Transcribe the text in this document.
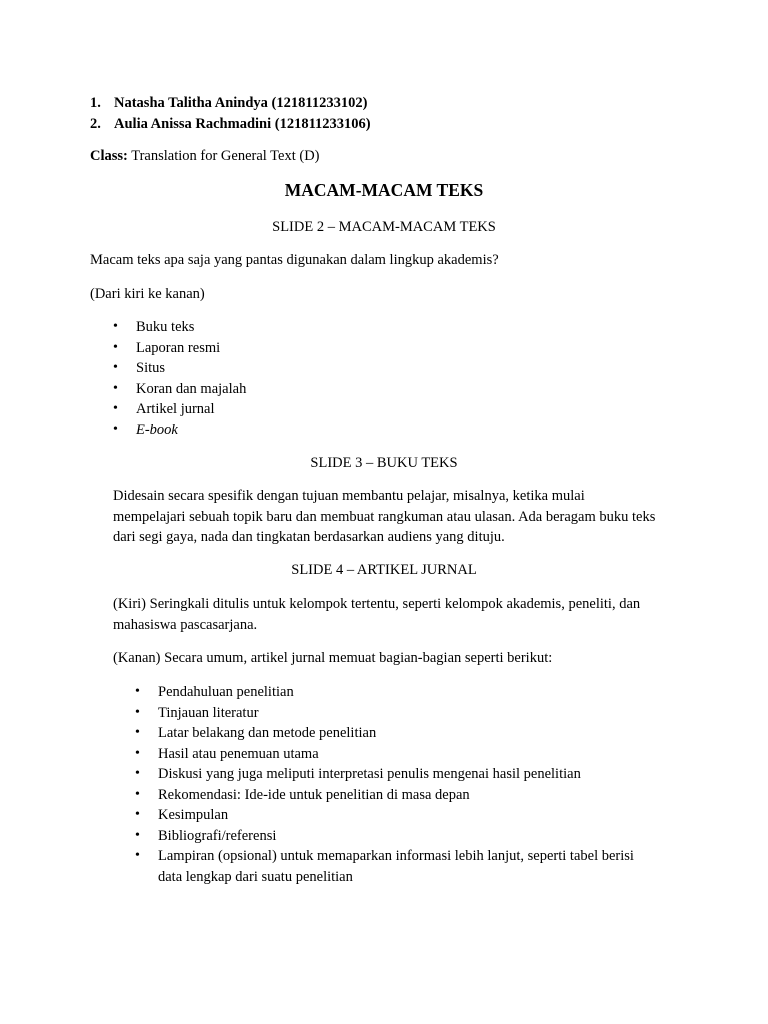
1. Natasha Talitha Anindya (121811233102)
2. Aulia Anissa Rachmadini (121811233106)
Class: Translation for General Text (D)
MACAM-MACAM TEKS

SLIDE 2 – MACAM-MACAM TEKS

Macam teks apa saja yang pantas digunakan dalam lingkup akademis?

(Dari kiri ke kanan)

• Buku teks
• Laporan resmi
• Situs
• Koran dan majalah
• Artikel jurnal
• E-book

SLIDE 3 – BUKU TEKS

Didesain secara spesifik dengan tujuan membantu pelajar, misalnya, ketika mulai
mempelajari sebuah topik baru dan membuat rangkuman atau ulasan. Ada beragam buku teks
dari segi gaya, nada dan tingkatan berdasarkan audiens yang dituju.

SLIDE 4 – ARTIKEL JURNAL

(Kiri) Seringkali ditulis untuk kelompok tertentu, seperti kelompok akademis, peneliti, dan
mahasiswa pascasarjana.

(Kanan) Secara umum, artikel jurnal memuat bagian-bagian seperti berikut:

• Pendahuluan penelitian
• Tinjauan literatur
• Latar belakang dan metode penelitian
• Hasil atau penemuan utama
• Diskusi yang juga meliputi interpretasi penulis mengenai hasil penelitian
• Rekomendasi: Ide-ide untuk penelitian di masa depan
• Kesimpulan
• Bibliografi/referensi
• Lampiran (opsional) untuk memaparkan informasi lebih lanjut, seperti tabel berisi
data lengkap dari suatu penelitian
